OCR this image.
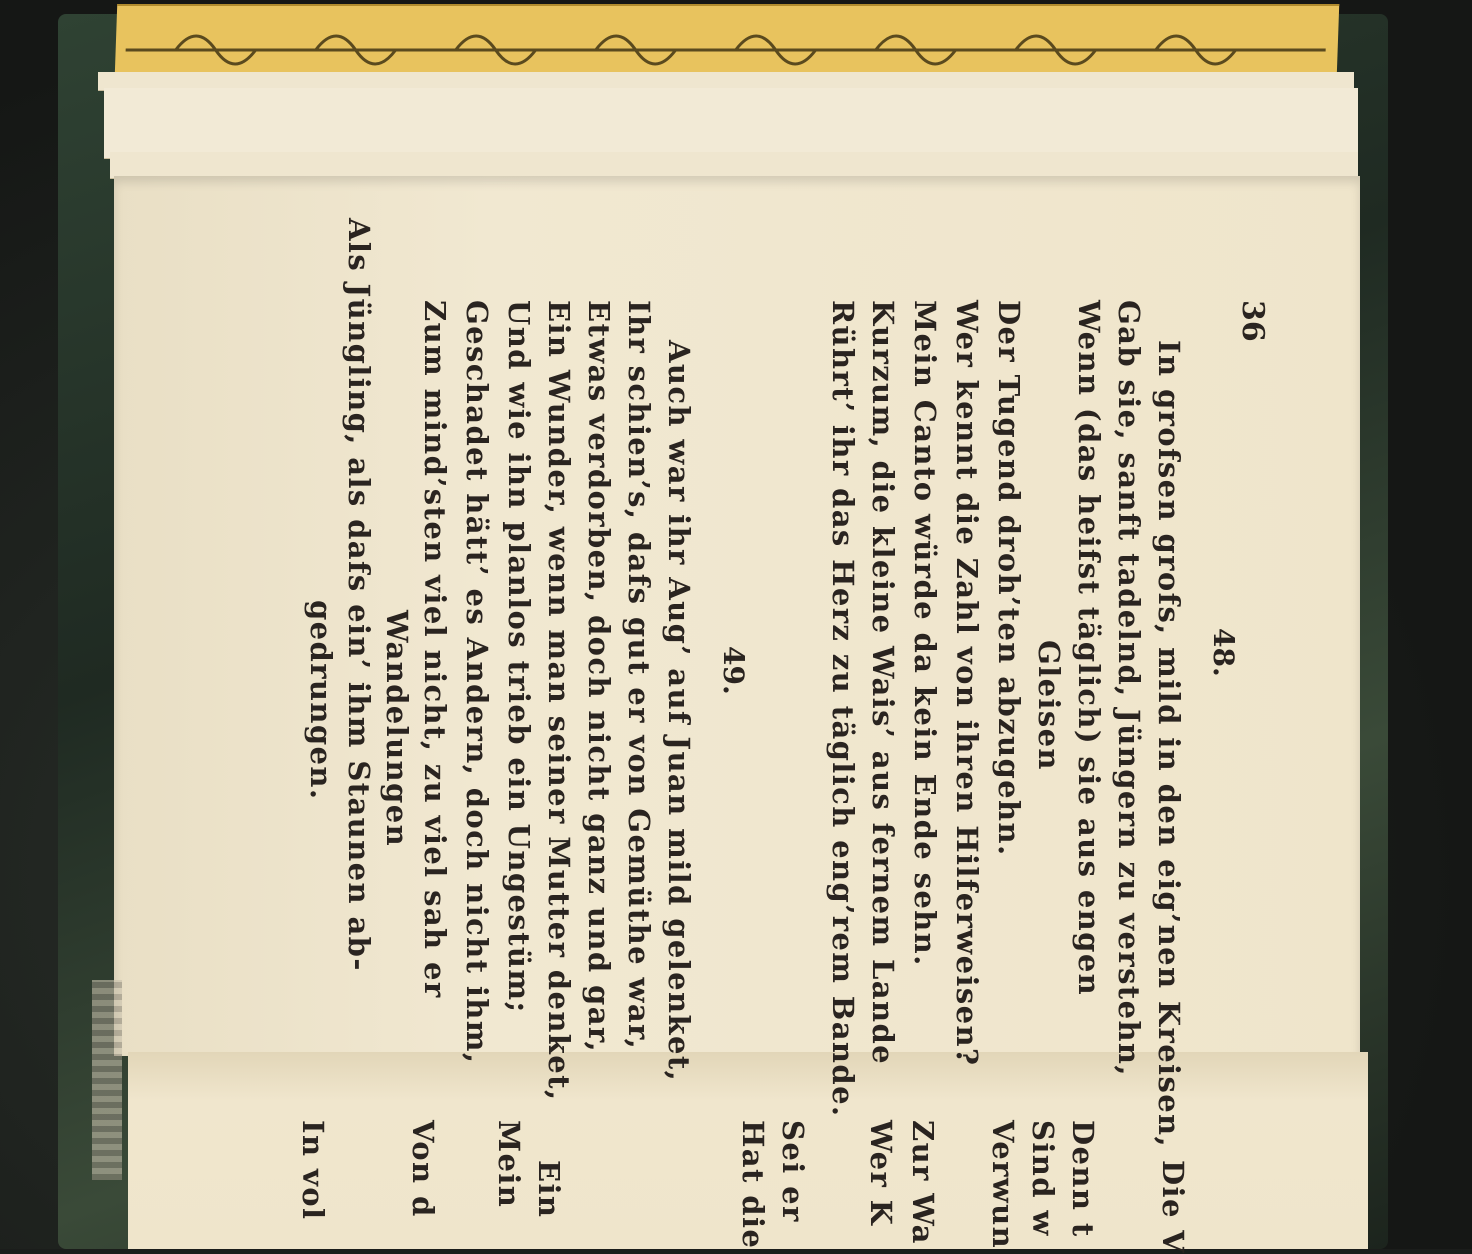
36
48.
In grofsen grofs, mild in den eig’nen Kreisen,
Gab sie, sanft tadelnd, Jüngern zu verstehn,
Wenn (das heifst täglich) sie aus engen
Gleisen
Der Tugend droh’ten abzugehn.
Wer kennt die Zahl von ihren Hilferweisen?
Mein Canto würde da kein Ende sehn.
Kurzum, die kleine Wais’ aus fernem Lande
Rührt’ ihr das Herz zu täglich eng’rem Bande.
49.
Auch war ihr Aug’ auf Juan mild gelenket,
Ihr schien’s, dafs gut er von Gemüthe war,
Etwas verdorben, doch nicht ganz und gar,
Ein Wunder, wenn man seiner Mutter denket,
Und wie ihn planlos trieb ein Ungestüm;
Geschadet hätt’ es Andern, doch nicht ihm,
Zum mind’sten viel nicht, zu viel sah er
Wandelungen
Als Jüngling, als dafs ein’ ihm Staunen ab-
gedrungen.
Die V
Denn t
Sind w
Verwun
Zur Wa
Wer K
Sei er
Hat die
Ein
Mein
Von d
In vol
